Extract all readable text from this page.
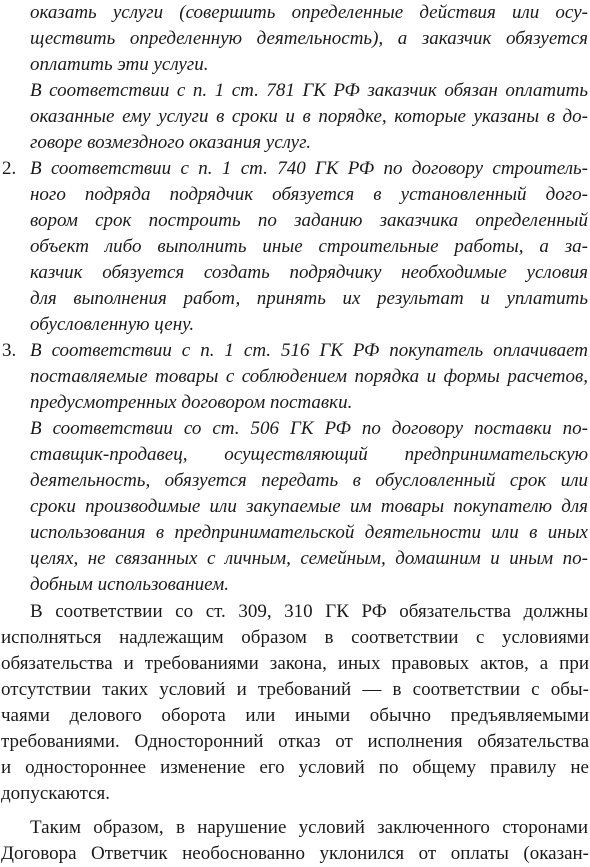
оказать услуги (совершить определенные действия или осу-
ществить определенную деятельность), а заказчик обязуется
оплатить эти услуги.
В соответствии с п. 1 ст. 781 ГК РФ заказчик обязан оплатить
оказанные ему услуги в сроки и в порядке, которые указаны в до-
говоре возмездного оказания услуг.
2. В соответствии с п. 1 ст. 740 ГК РФ по договору строитель-
ного подряда подрядчик обязуется в установленный дого-
вором срок построить по заданию заказчика определенный
объект либо выполнить иные строительные работы, а за-
казчик обязуется создать подрядчику необходимые условия
для выполнения работ, принять их результат и уплатить
обусловленную цену.
3. В соответствии с п. 1 ст. 516 ГК РФ покупатель оплачивает
поставляемые товары с соблюдением порядка и формы расчетов,
предусмотренных договором поставки.
В соответствии со ст. 506 ГК РФ по договору поставки по-
ставщик-продавец, осуществляющий предпринимательскую
деятельность, обязуется передать в обусловленный срок или
сроки производимые или закупаемые им товары покупателю для
использования в предпринимательской деятельности или в иных
целях, не связанных с личным, семейным, домашним и иным по-
добным использованием.
В соответствии со ст. 309, 310 ГК РФ обязательства должны
исполняться надлежащим образом в соответствии с условиями
обязательства и требованиями закона, иных правовых актов, а при
отсутствии таких условий и требований — в соответствии с обы-
чаями делового оборота или иными обычно предъявляемыми
требованиями. Односторонний отказ от исполнения обязательства
и одностороннее изменение его условий по общему правилу не
допускаются.
Таким образом, в нарушение условий заключенного сторонами
Договора Ответчик необоснованно уклонился от оплаты (оказан-
